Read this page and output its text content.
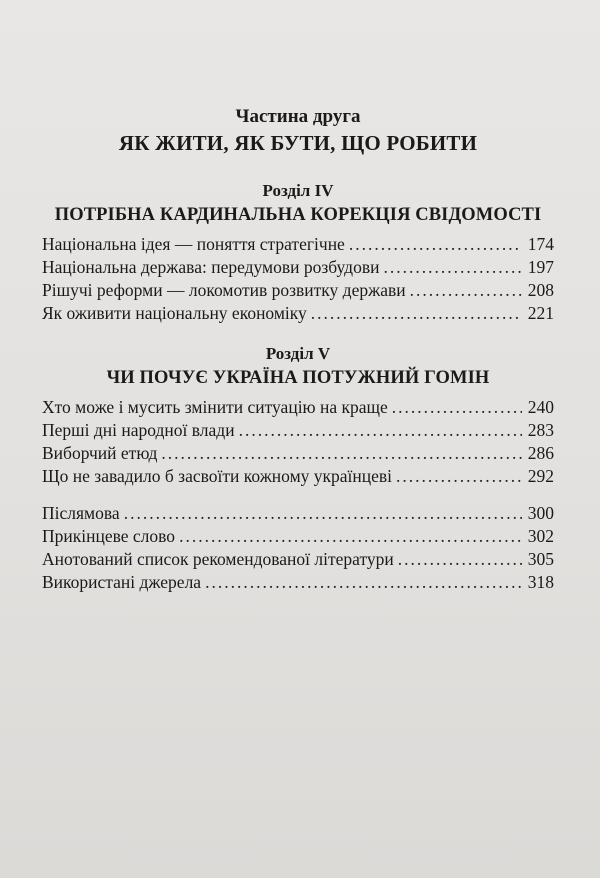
Частина друга
ЯК ЖИТИ, ЯК БУТИ, ЩО РОБИТИ
Розділ IV
ПОТРІБНА КАРДИНАЛЬНА КОРЕКЦІЯ СВІДОМОСТІ
Національна ідея — поняття стратегічне .....	174
Національна держава: передумови розбудови .....	197
Рішучі реформи — локомотив розвитку держави .....	208
Як оживити національну економіку .....	221
Розділ V
ЧИ ПОЧУЄ УКРАЇНА ПОТУЖНИЙ ГОМІН
Хто може і мусить змінити ситуацію на краще .....	240
Перші дні народної влади .....	283
Виборчий етюд .....	286
Що не завадило б засвоїти кожному українцеві .....	292
Післямова .....	300
Прикінцеве слово .....	302
Анотований список рекомендованої літератури .....	305
Використані джерела .....	318
